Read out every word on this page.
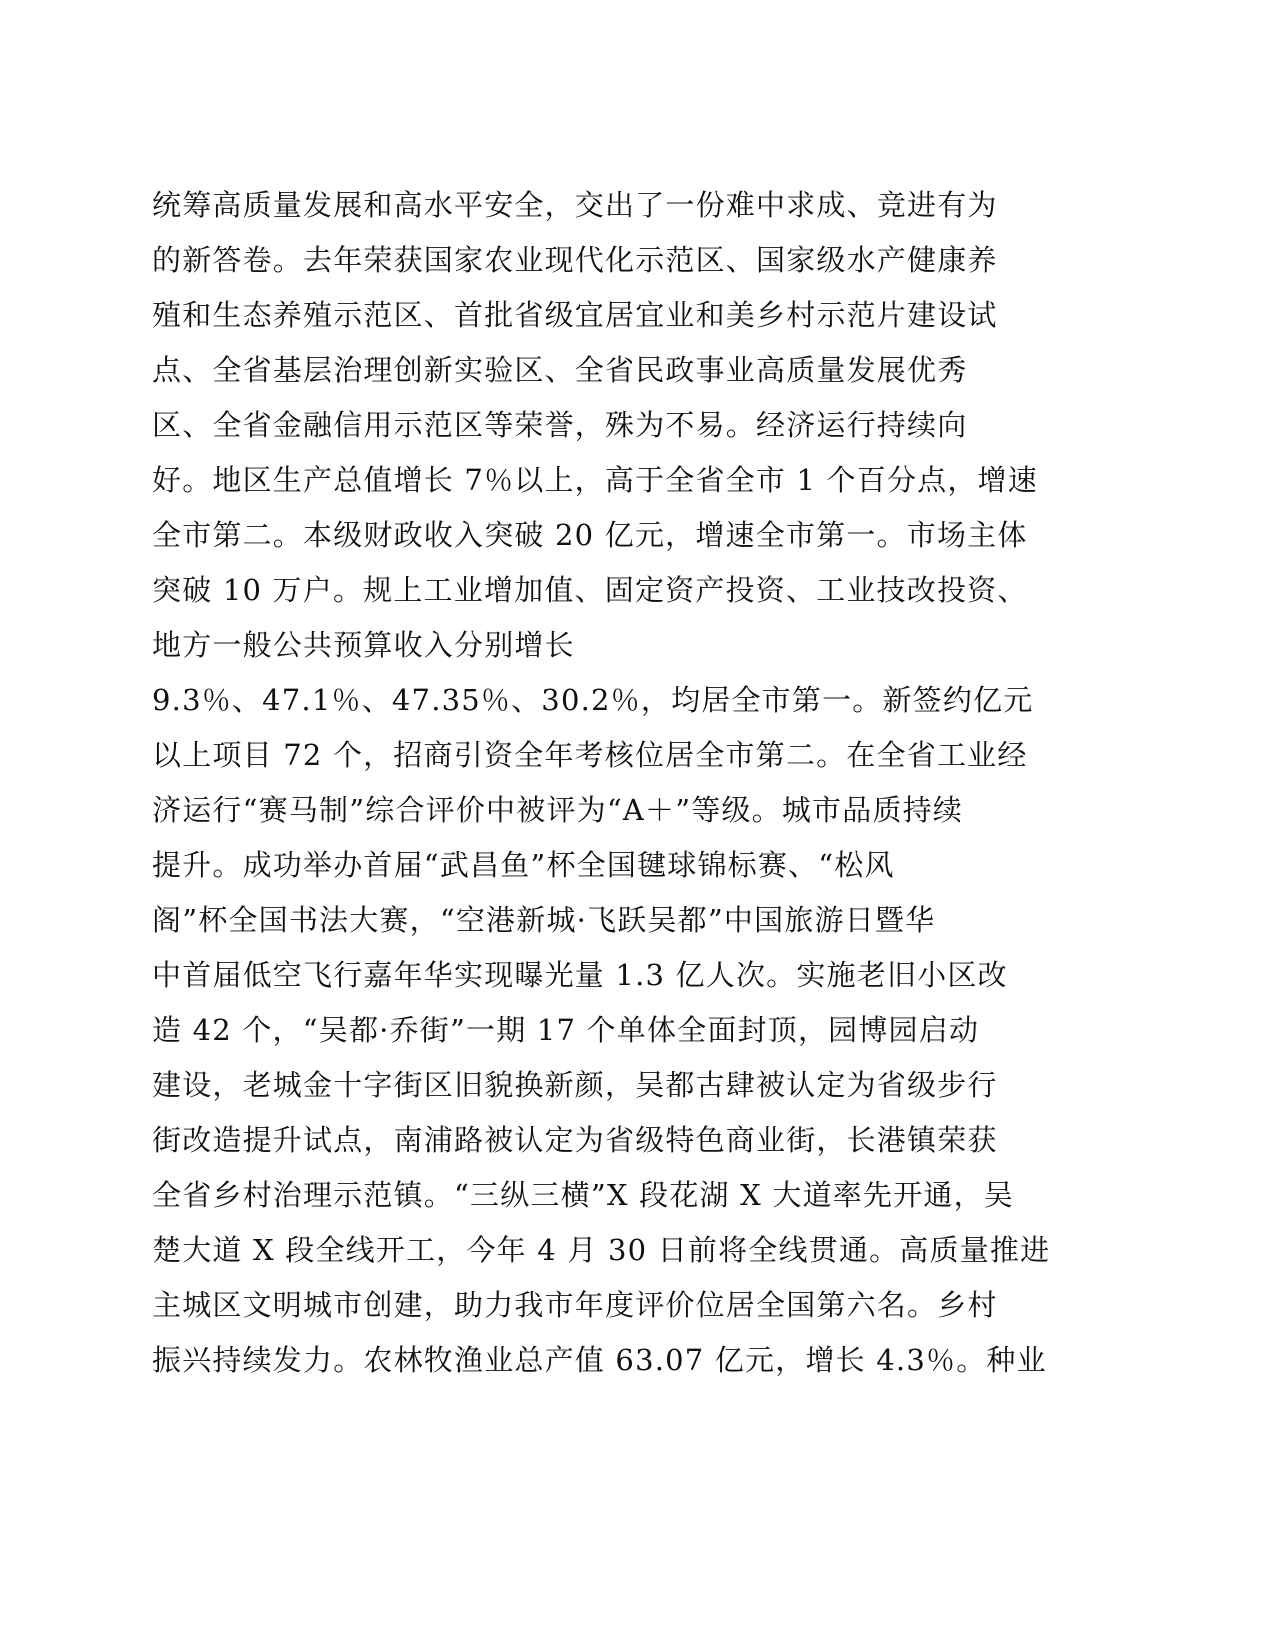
统筹高质量发展和高水平安全，交出了一份难中求成、竞进有为
的新答卷。去年荣获国家农业现代化示范区、国家级水产健康养
殖和生态养殖示范区、首批省级宜居宜业和美乡村示范片建设试
点、全省基层治理创新实验区、全省民政事业高质量发展优秀
区、全省金融信用示范区等荣誉，殊为不易。经济运行持续向
好。地区生产总值增长 7％以上，高于全省全市 1 个百分点，增速
全市第二。本级财政收入突破 20 亿元，增速全市第一。市场主体
突破 10 万户。规上工业增加值、固定资产投资、工业技改投资、
地方一般公共预算收入分别增长
9.3％、47.1％、47.35％、30.2％，均居全市第一。新签约亿元
以上项目 72 个，招商引资全年考核位居全市第二。在全省工业经
济运行“赛马制”综合评价中被评为“A＋”等级。城市品质持续
提升。成功举办首届“武昌鱼”杯全国毽球锦标赛、“松风
阁”杯全国书法大赛，“空港新城·飞跃吴都”中国旅游日暨华
中首届低空飞行嘉年华实现曝光量 1.3 亿人次。实施老旧小区改
造 42 个，“吴都·乔街”一期 17 个单体全面封顶，园博园启动
建设，老城金十字街区旧貌换新颜，吴都古肆被认定为省级步行
街改造提升试点，南浦路被认定为省级特色商业街，长港镇荣获
全省乡村治理示范镇。“三纵三横”X 段花湖 X 大道率先开通，吴
楚大道 X 段全线开工，今年 4 月 30 日前将全线贯通。高质量推进
主城区文明城市创建，助力我市年度评价位居全国第六名。乡村
振兴持续发力。农林牧渔业总产值 63.07 亿元，增长 4.3％。种业
